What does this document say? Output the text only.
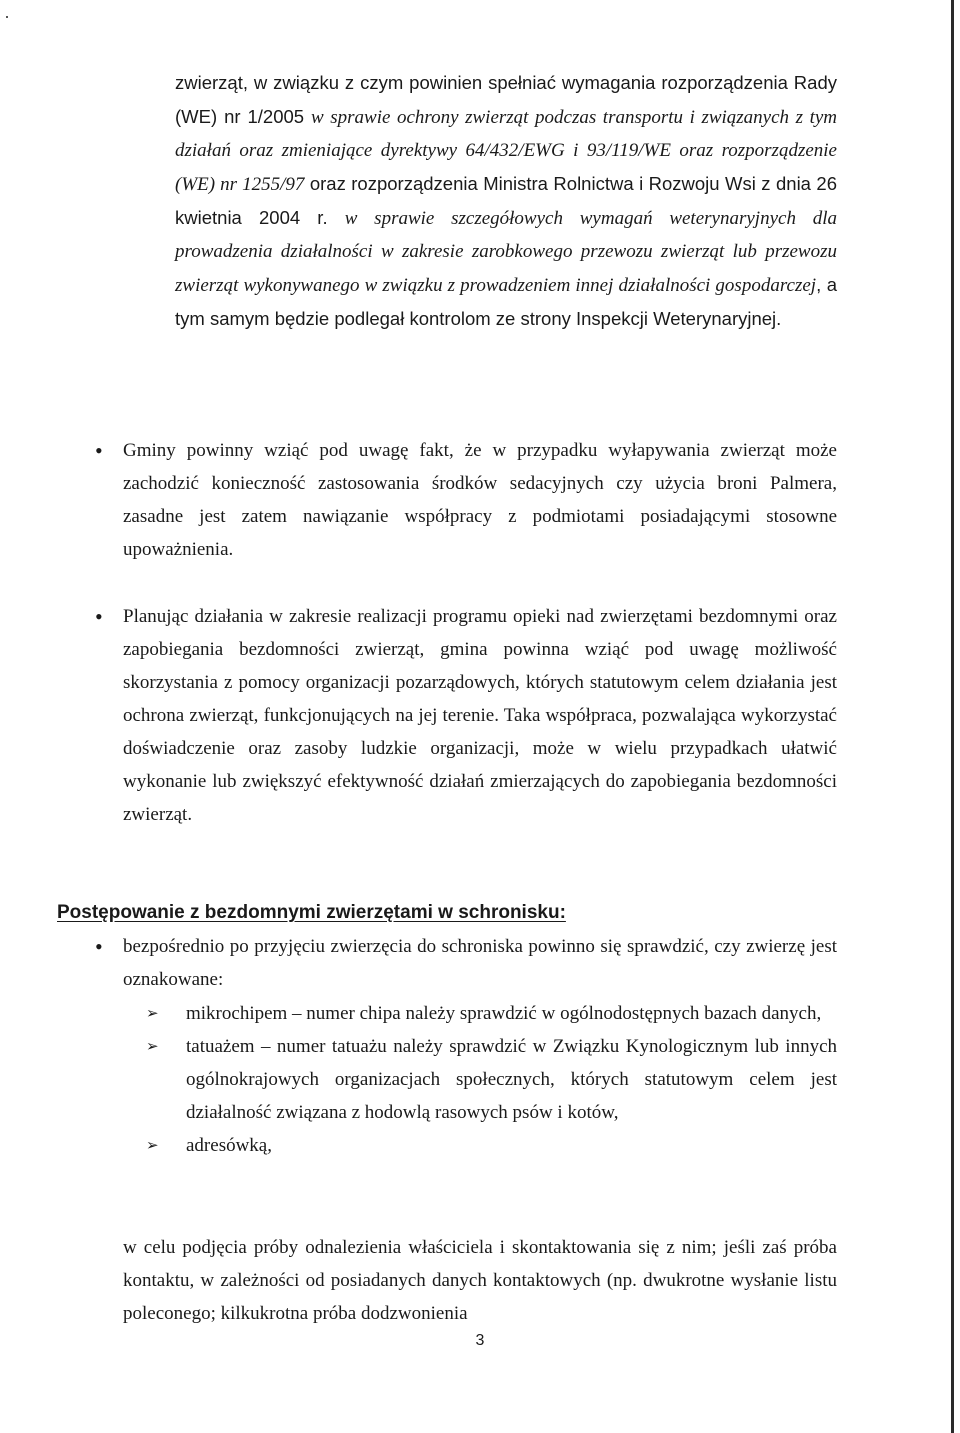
zwierząt, w związku z czym powinien spełniać wymagania rozporządzenia Rady (WE) nr 1/2005 w sprawie ochrony zwierząt podczas transportu i związanych z tym działań oraz zmieniające dyrektywy 64/432/EWG i 93/119/WE oraz rozporządzenie (WE) nr 1255/97 oraz rozporządzenia Ministra Rolnictwa i Rozwoju Wsi z dnia 26 kwietnia 2004 r. w sprawie szczegółowych wymagań weterynaryjnych dla prowadzenia działalności w zakresie zarobkowego przewozu zwierząt lub przewozu zwierząt wykonywanego w związku z prowadzeniem innej działalności gospodarczej, a tym samym będzie podlegał kontrolom ze strony Inspekcji Weterynaryjnej.

•	Gminy powinny wziąć pod uwagę fakt, że w przypadku wyłapywania zwierząt może zachodzić konieczność zastosowania środków sedacyjnych czy użycia broni Palmera, zasadne jest zatem nawiązanie współpracy z podmiotami posiadającymi stosowne upoważnienia.
•	Planując działania w zakresie realizacji programu opieki nad zwierzętami bezdomnymi oraz zapobiegania bezdomności zwierząt, gmina powinna wziąć pod uwagę możliwość skorzystania z pomocy organizacji pozarządowych, których statutowym celem działania jest ochrona zwierząt, funkcjonujących na jej terenie. Taka współpraca, pozwalająca wykorzystać doświadczenie oraz zasoby ludzkie organizacji, może w wielu przypadkach ułatwić wykonanie lub zwiększyć efektywność działań zmierzających do zapobiegania bezdomności zwierząt.
Postępowanie z bezdomnymi zwierzętami w schronisku:
•	bezpośrednio po przyjęciu zwierzęcia do schroniska powinno się sprawdzić, czy zwierzę jest oznakowane:
➢	mikrochipem – numer chipa należy sprawdzić w ogólnodostępnych bazach danych,
➢	tatuażem – numer tatuażu należy sprawdzić w Związku Kynologicznym lub innych ogólnokrajowych organizacjach społecznych, których statutowym celem jest działalność związana z hodowlą rasowych psów i kotów,
➢	adresówką,

w celu podjęcia próby odnalezienia właściciela i skontaktowania się z nim; jeśli zaś próba kontaktu, w zależności od posiadanych danych kontaktowych (np. dwukrotne wysłanie listu poleconego; kilkukrotna próba dodzwonienia

3
